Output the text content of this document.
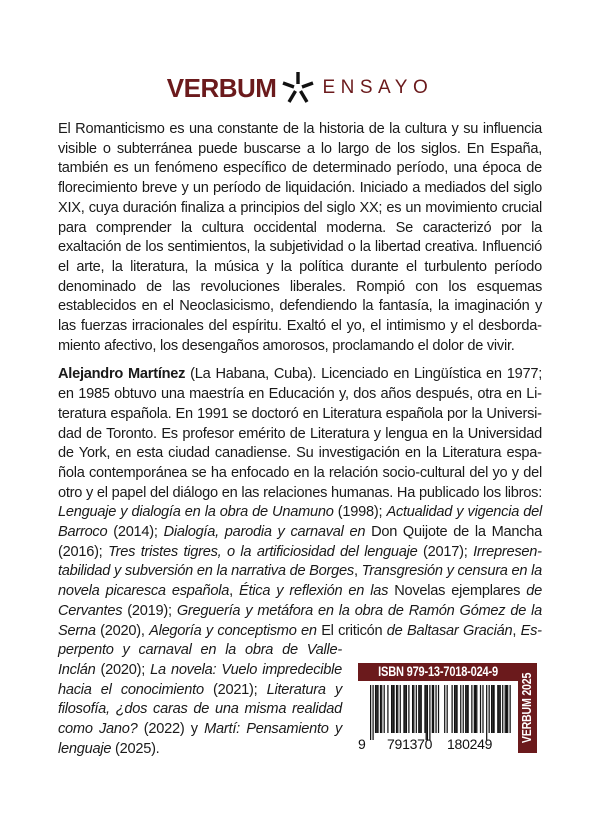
VERBUM ENSAYO

El Romanticismo es una constante de la historia de la cultura y su influencia visible o subterránea puede buscarse a lo largo de los siglos. En España, también es un fenómeno específico de determinado período, una época de florecimiento breve y un período de liquidación. Iniciado a mediados del siglo XIX, cuya duración finaliza a principios del siglo XX; es un movimiento crucial para comprender la cultura occidental moderna. Se caracterizó por la exaltación de los sentimientos, la subjetividad o la libertad creativa. Influenció el arte, la literatura, la música y la política durante el turbulento período denominado de las revoluciones liberales. Rompió con los esquemas establecidos en el Neoclasicismo, defendiendo la fantasía, la imaginación y las fuerzas irracionales del espíritu. Exaltó el yo, el intimismo y el desbordamiento afectivo, los desengaños amorosos, proclamando el dolor de vivir.

Alejandro Martínez (La Habana, Cuba). Licenciado en Lingüística en 1977; en 1985 obtuvo una maestría en Educación y, dos años después, otra en Literatura española. En 1991 se doctoró en Literatura española por la Universidad de Toronto. Es profesor emérito de Literatura y lengua en la Universidad de York, en esta ciudad canadiense. Su investigación en la Literatura española contemporánea se ha enfocado en la relación socio-cultural del yo y del otro y el papel del diálogo en las relaciones humanas. Ha publicado los libros: Lenguaje y dialogía en la obra de Unamuno (1998); Actualidad y vigencia del Barroco (2014); Dialogía, parodia y carnaval en Don Quijote de la Mancha (2016); Tres tristes tigres, o la artificiosidad del lenguaje (2017); Irrepresentabilidad y subversión en la narrativa de Borges, Transgresión y censura en la novela picaresca española, Ética y reflexión en las Novelas ejemplares de Cervantes (2019); Greguería y metáfora en la obra de Ramón Gómez de la Serna (2020), Alegoría y conceptismo en El criticón de Baltasar Gracián, Esperpento y carnaval en la obra de Valle-Inclán (2020); La novela: Vuelo impredecible hacia el conocimiento (2021); Literatura y filosofía, ¿dos caras de una misma realidad como Jano? (2022) y Martí: Pensamiento y lenguaje (2025).

ISBN 979-13-7018-024-9
VERBUM 2025
9 791370 180249
